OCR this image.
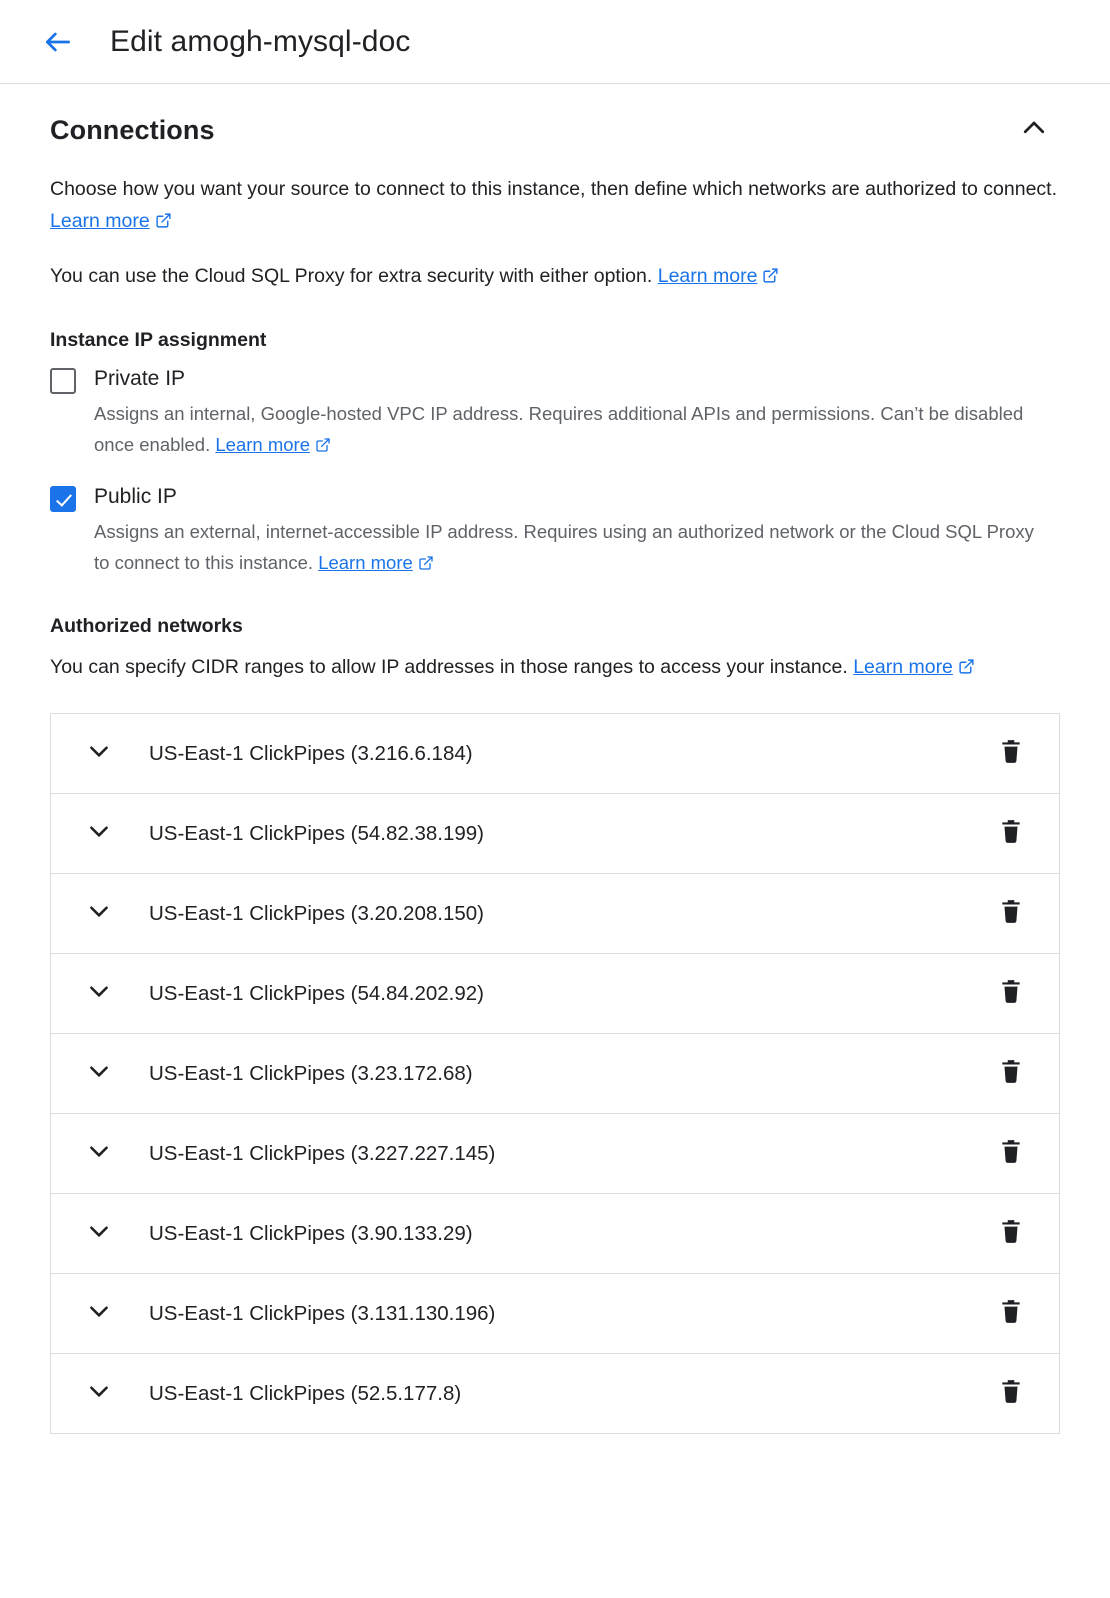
Edit amogh-mysql-doc
Connections
Choose how you want your source to connect to this instance, then define which networks are authorized to connect. Learn more
You can use the Cloud SQL Proxy for extra security with either option. Learn more
Instance IP assignment
Private IP
Assigns an internal, Google-hosted VPC IP address. Requires additional APIs and permissions. Can’t be disabled once enabled. Learn more
Public IP
Assigns an external, internet-accessible IP address. Requires using an authorized network or the Cloud SQL Proxy to connect to this instance. Learn more
Authorized networks
You can specify CIDR ranges to allow IP addresses in those ranges to access your instance. Learn more
US-East-1 ClickPipes (3.216.6.184)
US-East-1 ClickPipes (54.82.38.199)
US-East-1 ClickPipes (3.20.208.150)
US-East-1 ClickPipes (54.84.202.92)
US-East-1 ClickPipes (3.23.172.68)
US-East-1 ClickPipes (3.227.227.145)
US-East-1 ClickPipes (3.90.133.29)
US-East-1 ClickPipes (3.131.130.196)
US-East-1 ClickPipes (52.5.177.8)
